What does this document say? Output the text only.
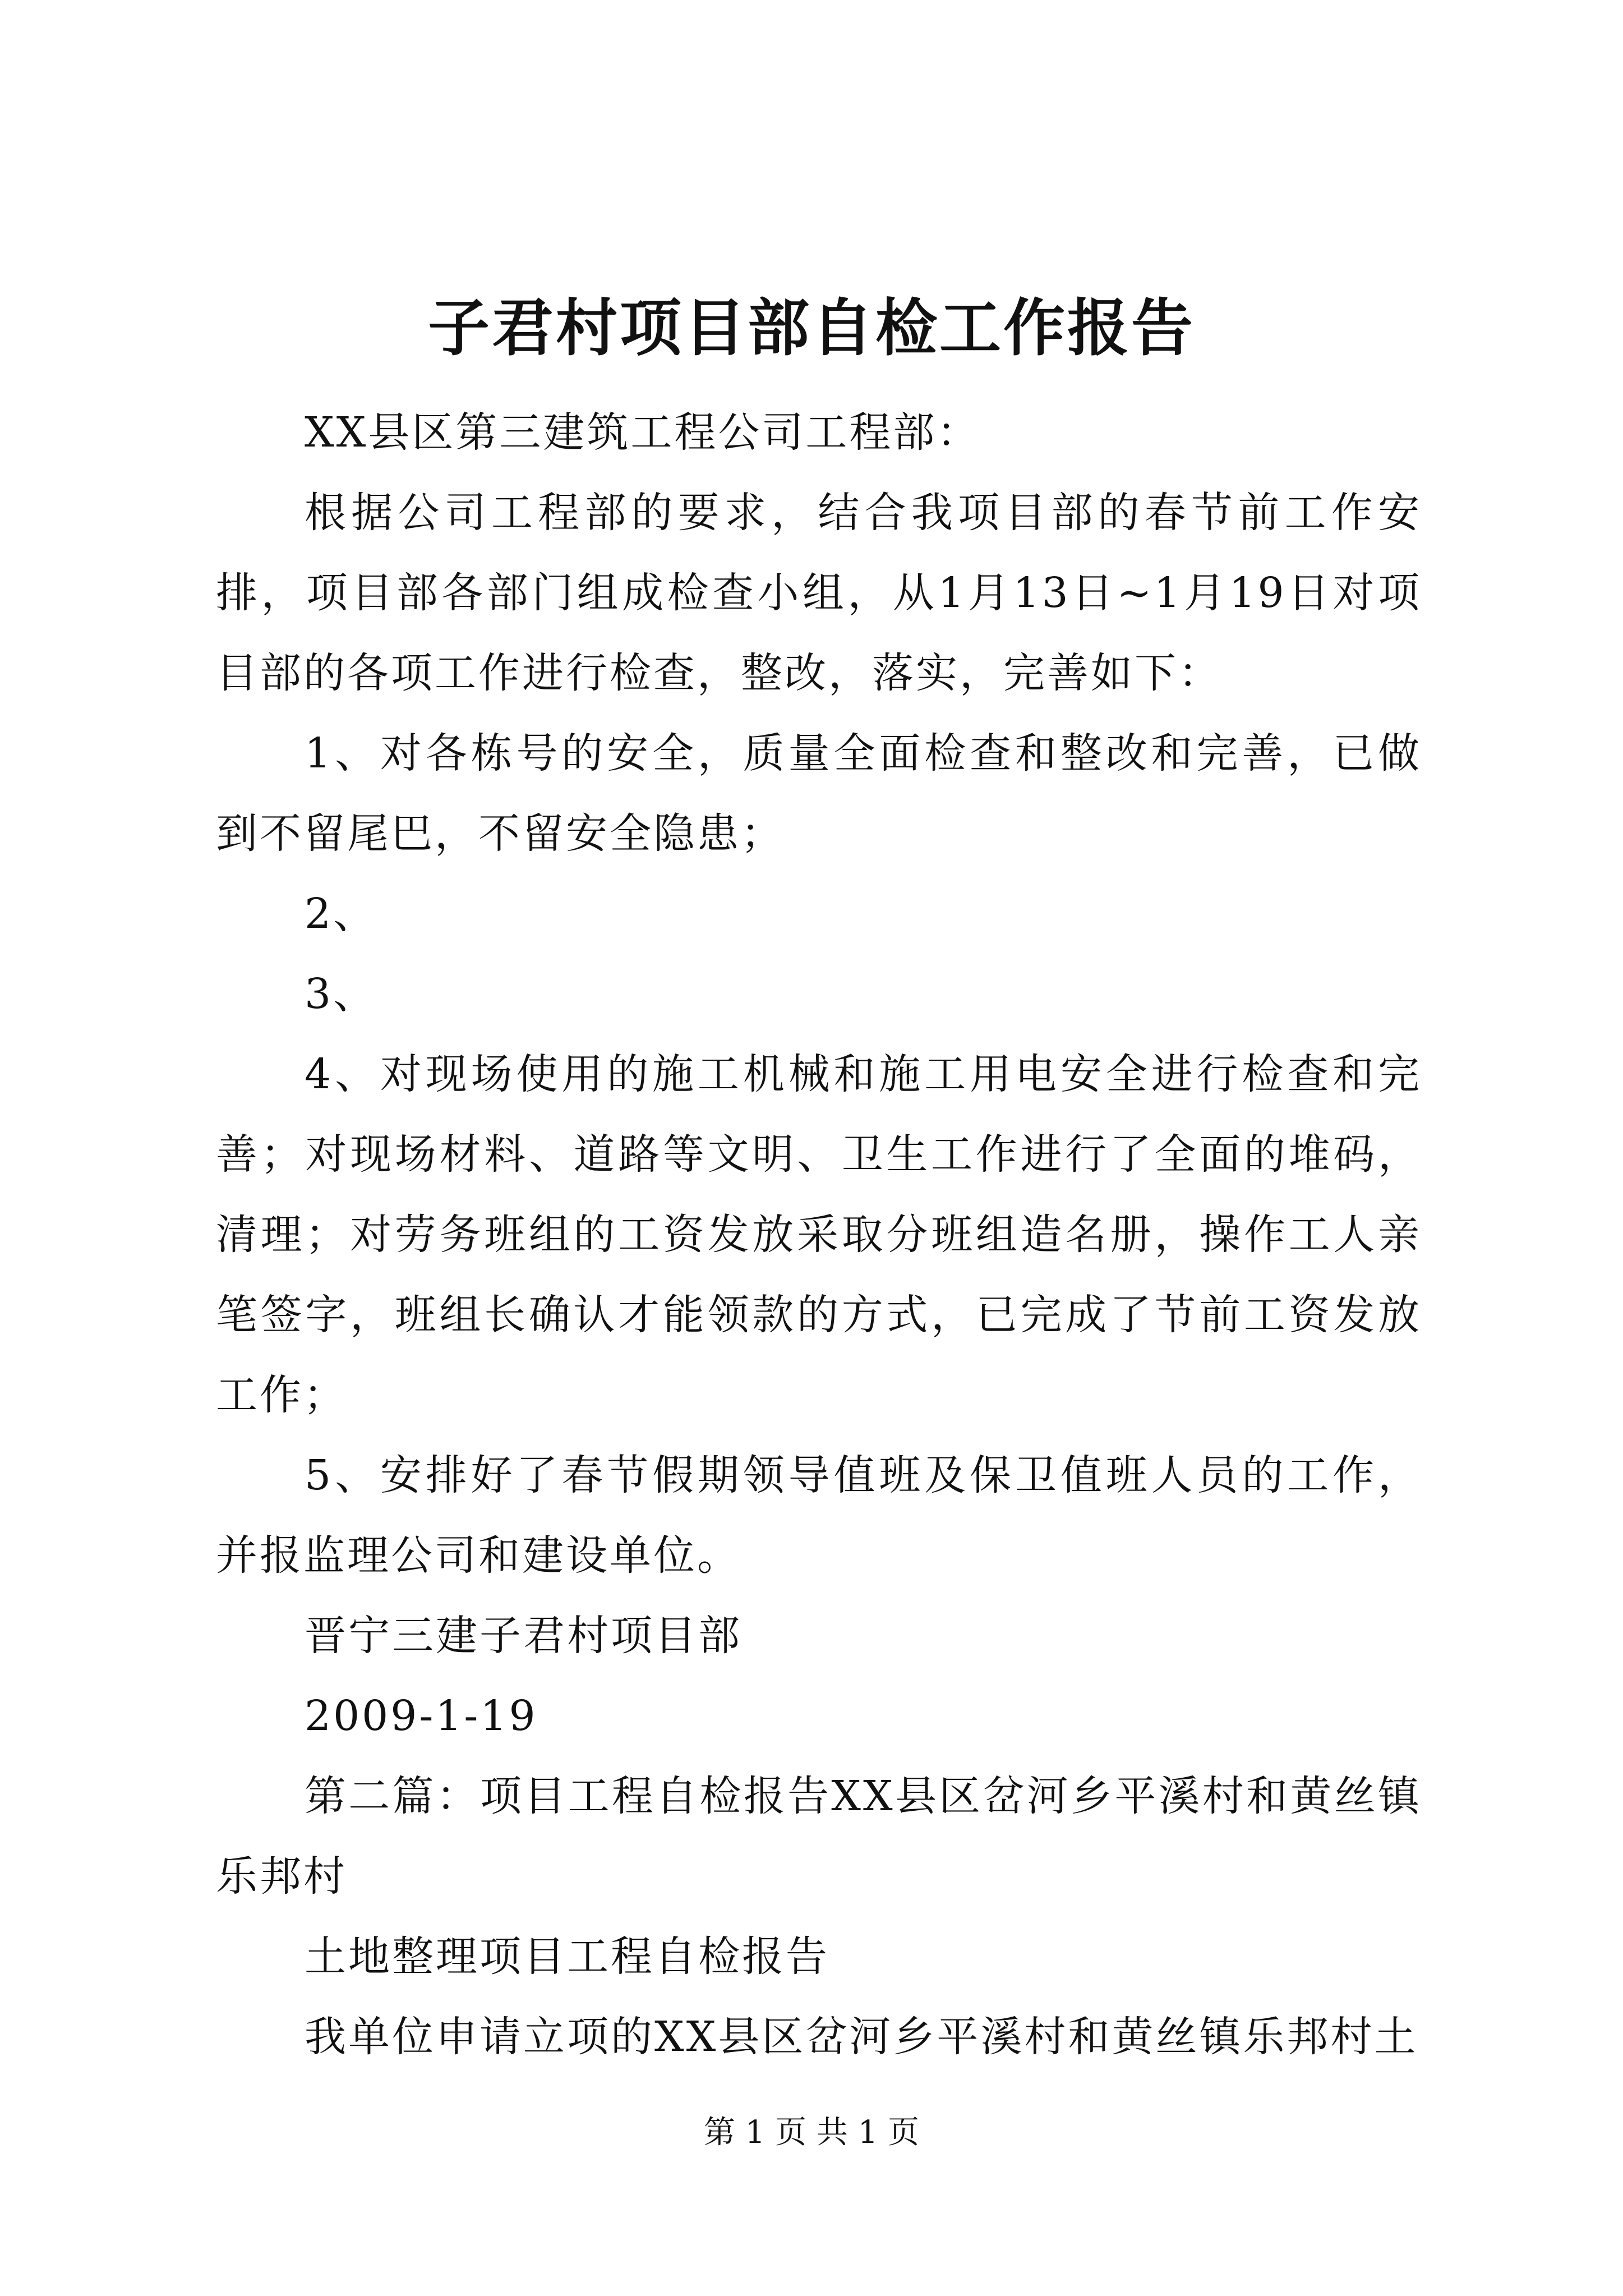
子君村项目部自检工作报告

XX县区第三建筑工程公司工程部：

根据公司工程部的要求，结合我项目部的春节前工作安排，项目部各部门组成检查小组，从1月13日~1月19日对项目部的各项工作进行检查，整改，落实，完善如下：

1、对各栋号的安全，质量全面检查和整改和完善，已做到不留尾巴，不留安全隐患；

2、

3、

4、对现场使用的施工机械和施工用电安全进行检查和完善；对现场材料、道路等文明、卫生工作进行了全面的堆码，清理；对劳务班组的工资发放采取分班组造名册，操作工人亲笔签字，班组长确认才能领款的方式，已完成了节前工资发放工作；

5、安排好了春节假期领导值班及保卫值班人员的工作，并报监理公司和建设单位。

晋宁三建子君村项目部

2009-1-19

第二篇：项目工程自检报告XX县区岔河乡平溪村和黄丝镇乐邦村

土地整理项目工程自检报告

我单位申请立项的XX县区岔河乡平溪村和黄丝镇乐邦村土

第 1 页 共 1 页
